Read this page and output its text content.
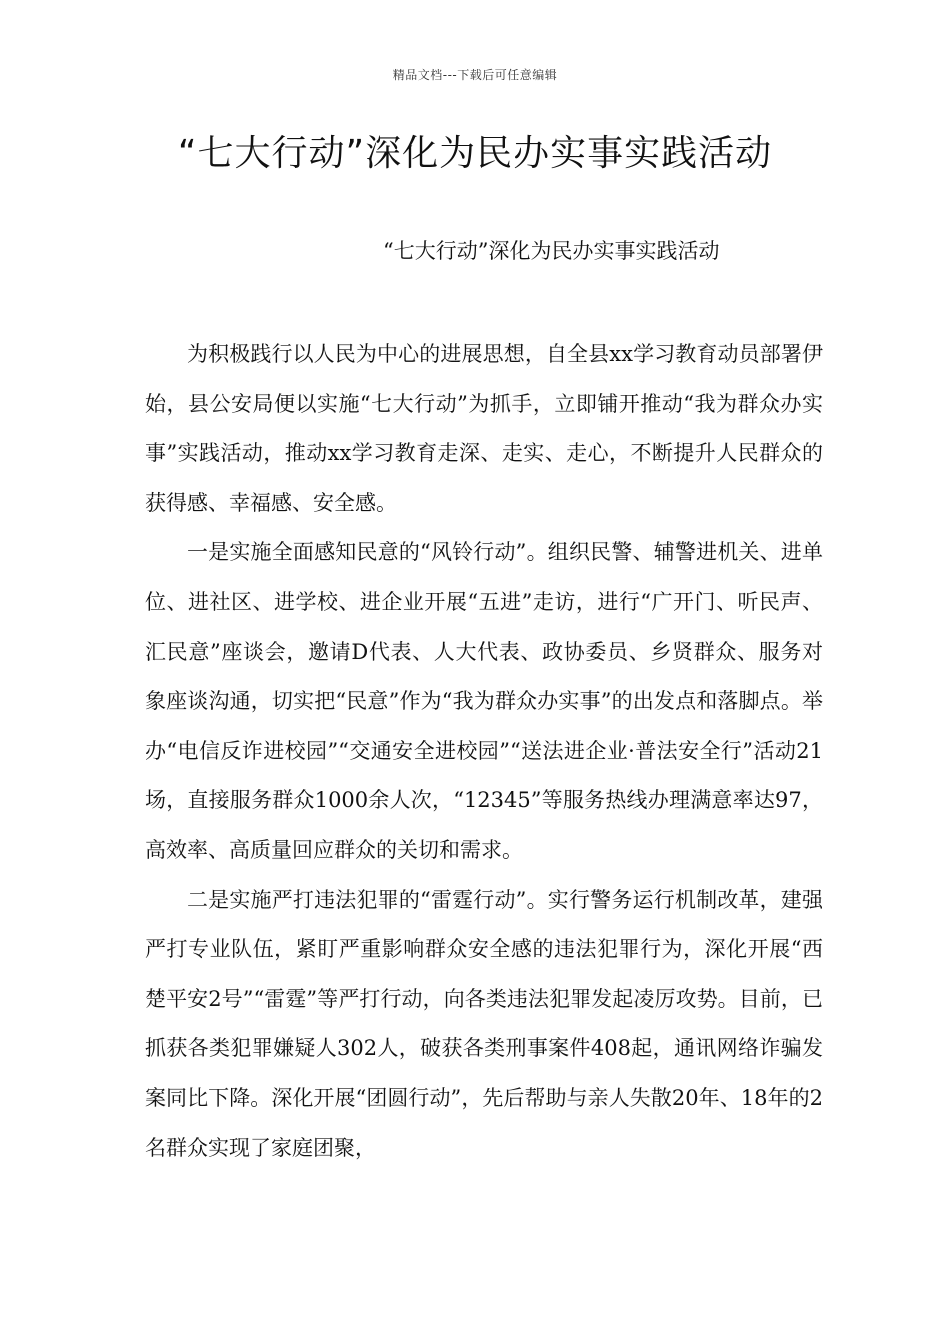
精品文档---下载后可任意编辑
“七大行动”深化为民办实事实践活动

“七大行动”深化为民办实事实践活动

为积极践行以人民为中心的进展思想，自全县xx学习教育动员部署伊始，县公安局便以实施“七大行动”为抓手，立即铺开推动“我为群众办实事”实践活动，推动xx学习教育走深、走实、走心，不断提升人民群众的获得感、幸福感、安全感。

一是实施全面感知民意的“风铃行动”。组织民警、辅警进机关、进单位、进社区、进学校、进企业开展“五进”走访，进行“广开门、听民声、汇民意”座谈会，邀请D代表、人大代表、政协委员、乡贤群众、服务对象座谈沟通，切实把“民意”作为“我为群众办实事”的出发点和落脚点。举办“电信反诈进校园”“交通安全进校园”“送法进企业·普法安全行”活动21场，直接服务群众1000余人次，“12345”等服务热线办理满意率达97，高效率、高质量回应群众的关切和需求。

二是实施严打违法犯罪的“雷霆行动”。实行警务运行机制改革，建强严打专业队伍，紧盯严重影响群众安全感的违法犯罪行为，深化开展“西楚平安2号”“雷霆”等严打行动，向各类违法犯罪发起凌厉攻势。目前，已抓获各类犯罪嫌疑人302人，破获各类刑事案件408起，通讯网络诈骗发案同比下降。深化开展“团圆行动”，先后帮助与亲人失散20年、18年的2名群众实现了家庭团聚，
